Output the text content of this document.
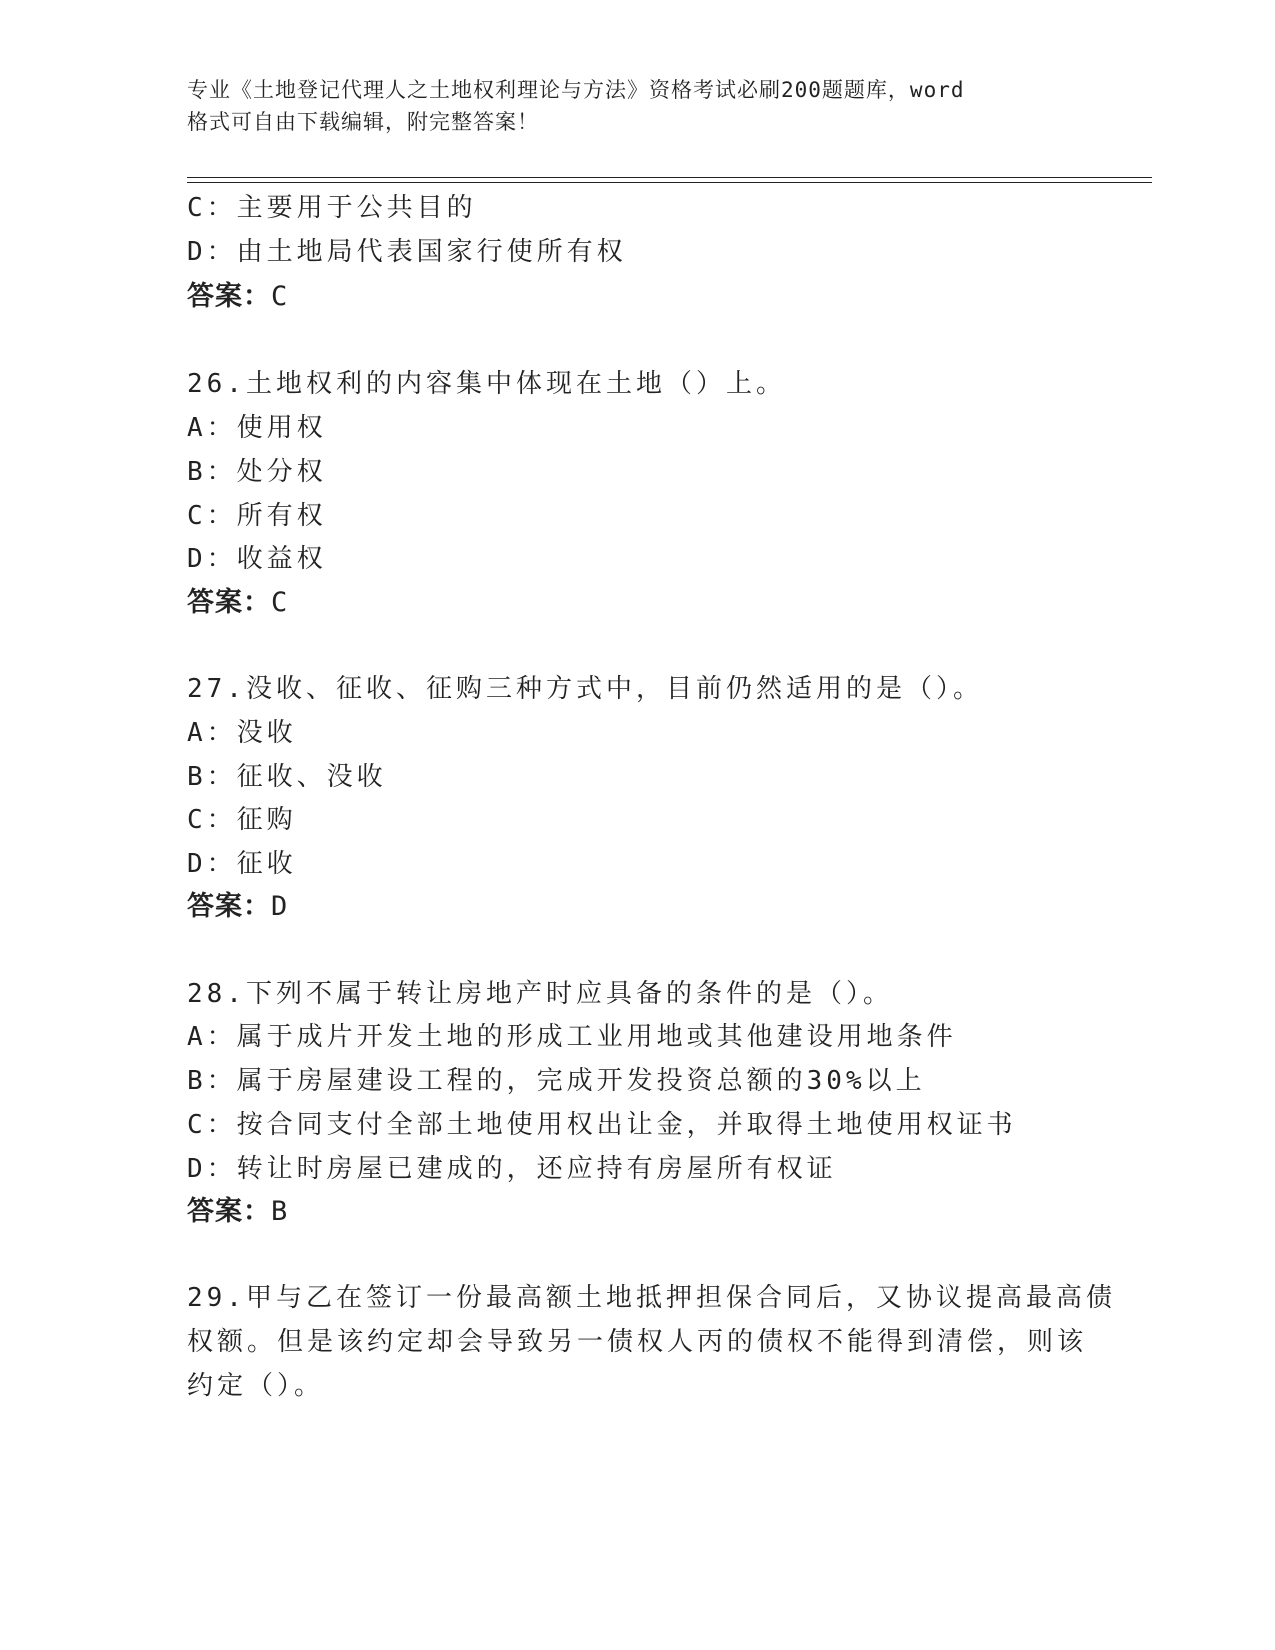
专业《土地登记代理人之土地权利理论与方法》资格考试必刷200题题库，word
格式可自由下载编辑，附完整答案！
C：主要用于公共目的
D：由土地局代表国家行使所有权
答案：C
26.土地权利的内容集中体现在土地（）上。
A：使用权
B：处分权
C：所有权
D：收益权
答案：C
27.没收、征收、征购三种方式中，目前仍然适用的是（）。
A：没收
B：征收、没收
C：征购
D：征收
答案：D
28.下列不属于转让房地产时应具备的条件的是（）。
A：属于成片开发土地的形成工业用地或其他建设用地条件
B：属于房屋建设工程的，完成开发投资总额的30%以上
C：按合同支付全部土地使用权出让金，并取得土地使用权证书
D：转让时房屋已建成的，还应持有房屋所有权证
答案：B
29.甲与乙在签订一份最高额土地抵押担保合同后，又协议提高最高债
权额。但是该约定却会导致另一债权人丙的债权不能得到清偿，则该
约定（）。
